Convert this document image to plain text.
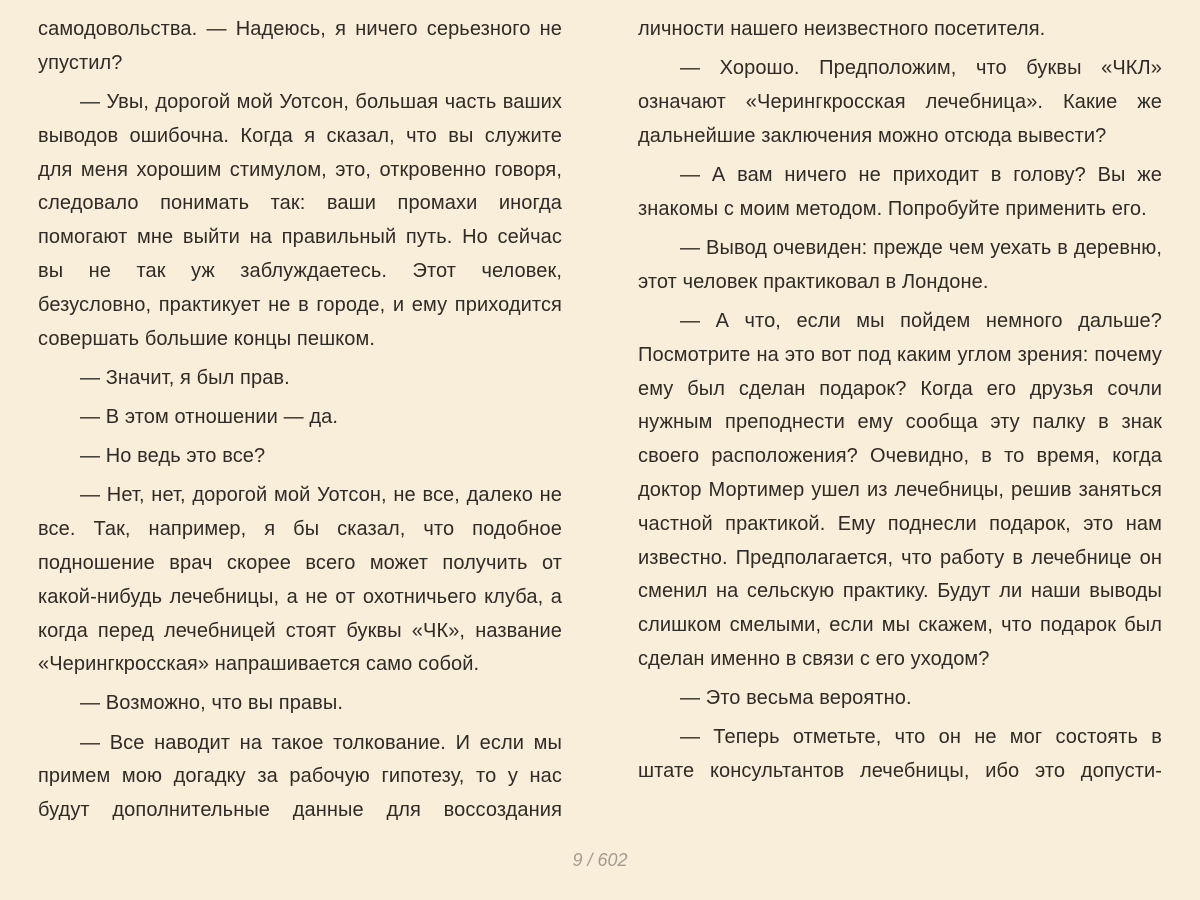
самодовольства. — Надеюсь, я ничего серьезного не упустил?

— Увы, дорогой мой Уотсон, большая часть ваших выводов ошибочна. Когда я сказал, что вы служите для меня хорошим стимулом, это, откровенно говоря, следовало понимать так: ваши промахи иногда помогают мне выйти на правильный путь. Но сейчас вы не так уж заблуждаетесь. Этот человек, безусловно, практикует не в городе, и ему приходится совершать большие концы пешком.

— Значит, я был прав.

— В этом отношении — да.

— Но ведь это все?

— Нет, нет, дорогой мой Уотсон, не все, далеко не все. Так, например, я бы сказал, что подобное подношение врач скорее всего может получить от какой-нибудь лечебницы, а не от охотничьего клуба, а когда перед лечебницей стоят буквы «ЧК», название «Черингкросская» напрашивается само собой.

— Возможно, что вы правы.

— Все наводит на такое толкование. И если мы примем мою догадку за рабочую гипотезу, то у нас будут дополнительные данные для воссоздания

личности нашего неизвестного посетителя.

— Хорошо. Предположим, что буквы «ЧКЛ» означают «Черингкросская лечебница». Какие же дальнейшие заключения можно отсюда вывести?

— А вам ничего не приходит в голову? Вы же знакомы с моим методом. Попробуйте применить его.

— Вывод очевиден: прежде чем уехать в деревню, этот человек практиковал в Лондоне.

— А что, если мы пойдем немного дальше? Посмотрите на это вот под каким углом зрения: почему ему был сделан подарок? Когда его друзья сочли нужным преподнести ему сообща эту палку в знак своего расположения? Очевидно, в то время, когда доктор Мортимер ушел из лечебницы, решив заняться частной практикой. Ему поднесли подарок, это нам известно. Предполагается, что работу в лечебнице он сменил на сельскую практику. Будут ли наши выводы слишком смелыми, если мы скажем, что подарок был сделан именно в связи с его уходом?

— Это весьма вероятно.

— Теперь отметьте, что он не мог состоять в штате консультантов лечебницы, ибо это допусти-

9 / 602
